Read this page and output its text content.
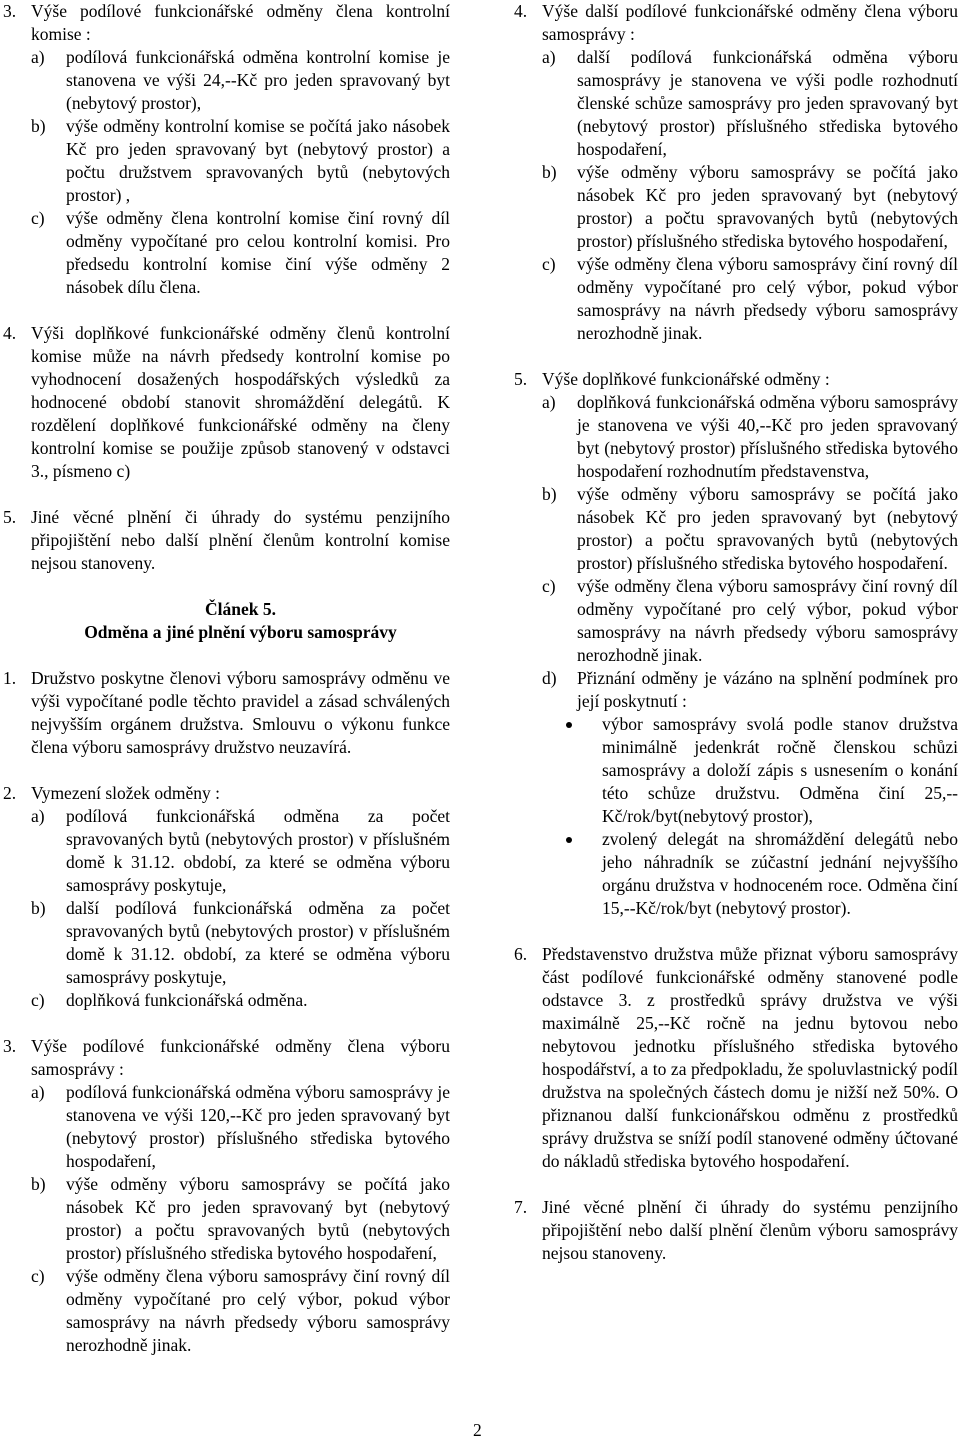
3. Výše podílové funkcionářské odměny člena kontrolní komise :

a) podílová funkcionářská odměna kontrolní komise je stanovena ve výši 24,--Kč pro jeden spravovaný byt (nebytový prostor),
b) výše odměny kontrolní komise se počítá jako násobek Kč pro jeden spravovaný byt (nebytový prostor) a počtu družstvem spravovaných bytů (nebytových prostor) ,
c) výše odměny člena kontrolní komise činí rovný díl odměny vypočítané pro celou kontrolní komisi. Pro předsedu kontrolní komise činí výše odměny 2 násobek dílu člena.
4. Výši doplňkové funkcionářské odměny členů kontrolní komise může na návrh předsedy kontrolní komise po vyhodnocení dosažených hospodářských výsledků za hodnocené období stanovit shromáždění delegátů. K rozdělení doplňkové funkcionářské odměny na členy kontrolní komise se použije způsob stanovený v odstavci 3., písmeno c)

5. Jiné věcné plnění či úhrady do systému penzijního připojištění nebo další plnění členům kontrolní komise nejsou stanoveny.

Článek 5.

Odměna a jiné plnění výboru samosprávy

1. Družstvo poskytne členovi výboru samosprávy odměnu ve výši vypočítané podle těchto pravidel a zásad schválených nejvyšším orgánem družstva. Smlouvu o výkonu funkce člena výboru samosprávy družstvo neuzavírá.

2. Vymezení složek odměny :

a) podílová funkcionářská odměna za počet spravovaných bytů (nebytových prostor) v příslušném domě k 31.12. období, za které se odměna výboru samosprávy poskytuje,
b) další podílová funkcionářská odměna za počet spravovaných bytů (nebytových prostor) v příslušném domě k 31.12. období, za které se odměna výboru samosprávy poskytuje,
c) doplňková funkcionářská odměna.
3. Výše podílové funkcionářské odměny člena výboru samosprávy :

a) podílová funkcionářská odměna výboru samosprávy je stanovena ve výši 120,--Kč pro jeden spravovaný byt (nebytový prostor) příslušného střediska bytového hospodaření,
b) výše odměny výboru samosprávy se počítá jako násobek Kč pro jeden spravovaný byt (nebytový prostor) a počtu spravovaných bytů (nebytových prostor) příslušného střediska bytového hospodaření,
c) výše odměny člena výboru samosprávy činí rovný díl odměny vypočítané pro celý výbor, pokud výbor samosprávy na návrh předsedy výboru samosprávy nerozhodně jinak.
4. Výše další podílové funkcionářské odměny člena výboru samosprávy :

a) další podílová funkcionářská odměna výboru samosprávy je stanovena ve výši podle rozhodnutí členské schůze samosprávy pro jeden spravovaný byt (nebytový prostor) příslušného střediska bytového hospodaření,
b) výše odměny výboru samosprávy se počítá jako násobek Kč pro jeden spravovaný byt (nebytový prostor) a počtu spravovaných bytů (nebytových prostor) příslušného střediska bytového hospodaření,
c) výše odměny člena výboru samosprávy činí rovný díl odměny vypočítané pro celý výbor, pokud výbor samosprávy na návrh předsedy výboru samosprávy nerozhodně jinak.
5. Výše doplňkové funkcionářské odměny :

a) doplňková funkcionářská odměna výboru samosprávy je stanovena ve výši 40,--Kč pro jeden spravovaný byt (nebytový prostor) příslušného střediska bytového hospodaření rozhodnutím představenstva,
b) výše odměny výboru samosprávy se počítá jako násobek Kč pro jeden spravovaný byt (nebytový prostor) a počtu spravovaných bytů (nebytových prostor) příslušného střediska bytového hospodaření.
c) výše odměny člena výboru samosprávy činí rovný díl odměny vypočítané pro celý výbor, pokud výbor samosprávy na návrh předsedy výboru samosprávy nerozhodně jinak.
d) Přiznání odměny je vázáno na splnění podmínek pro její poskytnutí :
výbor samosprávy svolá podle stanov družstva minimálně jedenkrát ročně členskou schůzi samosprávy a doloží zápis s usnesením o konání této schůze družstvu. Odměna činí 25,--Kč/rok/byt(nebytový prostor),
zvolený delegát na shromáždění delegátů nebo jeho náhradník se zúčastní jednání nejvyššího orgánu družstva v hodnoceném roce. Odměna činí 15,--Kč/rok/byt (nebytový prostor).
6. Představenstvo družstva může přiznat výboru samosprávy část podílové funkcionářské odměny stanovené podle odstavce 3. z prostředků správy družstva ve výši maximálně 25,--Kč ročně na jednu bytovou nebo nebytovou jednotku příslušného střediska bytového hospodářství, a to za předpokladu, že spoluvlastnický podíl družstva na společných částech domu je nižší než 50%. O přiznanou další funkcionářskou odměnu z prostředků správy družstva se sníží podíl stanovené odměny účtované do nákladů střediska bytového hospodaření.

7. Jiné věcné plnění či úhrady do systému penzijního připojištění nebo další plnění členům výboru samosprávy nejsou stanoveny.

2
